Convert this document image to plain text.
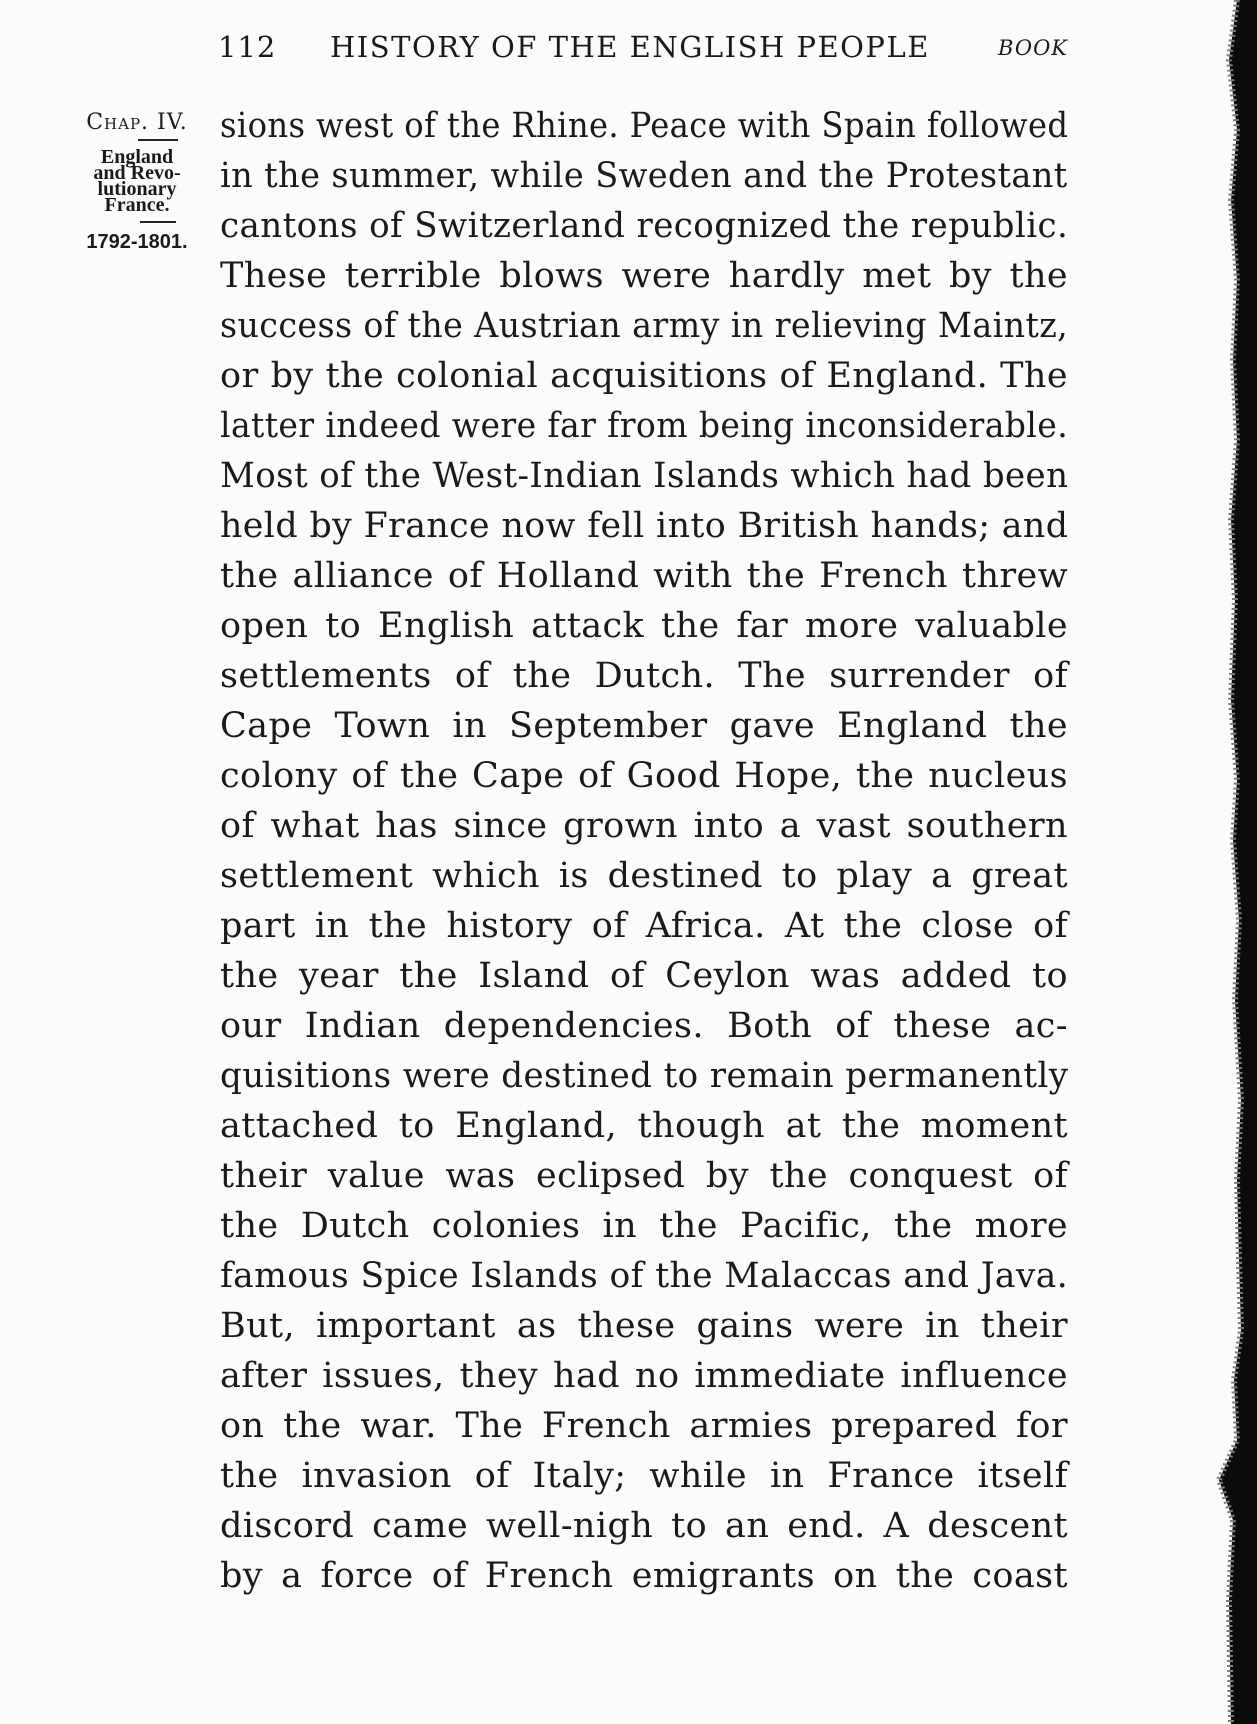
112 HISTORY OF THE ENGLISH PEOPLE	BOOK
Chap. IV.
England
and Revo-
lutionary
France.
1792-1801.
sions west of the Rhine. Peace with Spain followed
in the summer, while Sweden and the Protestant
cantons of Switzerland recognized the republic.
These terrible blows were hardly met by the
success of the Austrian army in relieving Maintz,
or by the colonial acquisitions of England. The
latter indeed were far from being inconsiderable.
Most of the West-Indian Islands which had been
held by France now fell into British hands; and
the alliance of Holland with the French threw
open to English attack the far more valuable
settlements of the Dutch. The surrender of
Cape Town in September gave England the
colony of the Cape of Good Hope, the nucleus
of what has since grown into a vast southern
settlement which is destined to play a great
part in the history of Africa. At the close of
the year the Island of Ceylon was added to
our Indian dependencies. Both of these ac-
quisitions were destined to remain permanently
attached to England, though at the moment
their value was eclipsed by the conquest of
the Dutch colonies in the Pacific, the more
famous Spice Islands of the Malaccas and Java.
But, important as these gains were in their
after issues, they had no immediate influence
on the war. The French armies prepared for
the invasion of Italy; while in France itself
discord came well-nigh to an end. A descent
by a force of French emigrants on the coast
